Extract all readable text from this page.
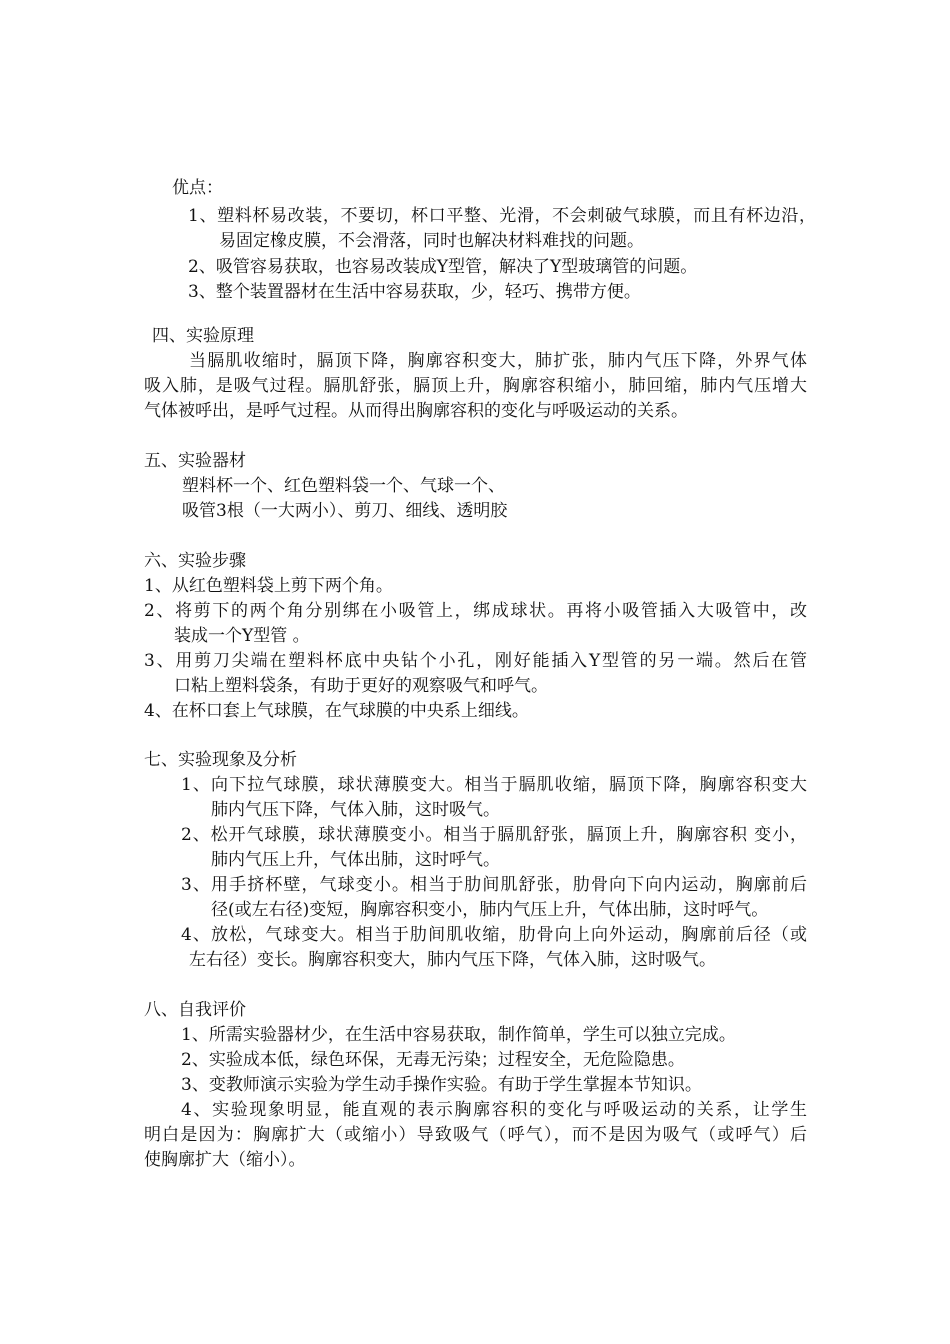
优点：
1、塑料杯易改装，不要切，杯口平整、光滑，不会刺破气球膜，而且有杯边沿，
易固定橡皮膜，不会滑落，同时也解决材料难找的问题。
2、吸管容易获取，也容易改装成Y型管，解决了Y型玻璃管的问题。
3、整个装置器材在生活中容易获取，少，轻巧、携带方便。
四、实验原理
当膈肌收缩时，膈顶下降，胸廓容积变大，肺扩张，肺内气压下降，外界气体
吸入肺，是吸气过程。膈肌舒张，膈顶上升，胸廓容积缩小，肺回缩，肺内气压增大
气体被呼出，是呼气过程。从而得出胸廓容积的变化与呼吸运动的关系。
五、实验器材
塑料杯一个、红色塑料袋一个、气球一个、
吸管3根（一大两小）、剪刀、细线、透明胶
六、实验步骤
1、从红色塑料袋上剪下两个角。
2、将剪下的两个角分别绑在小吸管上，绑成球状。再将小吸管插入大吸管中，改
装成一个Y型管 。
3、用剪刀尖端在塑料杯底中央钻个小孔，刚好能插入Y型管的另一端。然后在管
口粘上塑料袋条，有助于更好的观察吸气和呼气。
4、在杯口套上气球膜，在气球膜的中央系上细线。
七、实验现象及分析
1、向下拉气球膜，球状薄膜变大。相当于膈肌收缩，膈顶下降，胸廓容积变大
肺内气压下降，气体入肺，这时吸气。
2、松开气球膜，球状薄膜变小。相当于膈肌舒张，膈顶上升，胸廓容积 变小，
肺内气压上升，气体出肺，这时呼气。
3、用手挤杯壁，气球变小。相当于肋间肌舒张，肋骨向下向内运动，胸廓前后
径(或左右径)变短，胸廓容积变小，肺内气压上升，气体出肺，这时呼气。
4、放松，气球变大。相当于肋间肌收缩，肋骨向上向外运动，胸廓前后径（或
左右径）变长。胸廓容积变大，肺内气压下降，气体入肺，这时吸气。
八、自我评价
1、所需实验器材少，在生活中容易获取，制作简单，学生可以独立完成。
2、实验成本低，绿色环保，无毒无污染；过程安全，无危险隐患。
3、变教师演示实验为学生动手操作实验。有助于学生掌握本节知识。
4、实验现象明显，能直观的表示胸廓容积的变化与呼吸运动的关系，让学生
明白是因为：胸廓扩大（或缩小）导致吸气（呼气），而不是因为吸气（或呼气）后
使胸廓扩大（缩小）。
